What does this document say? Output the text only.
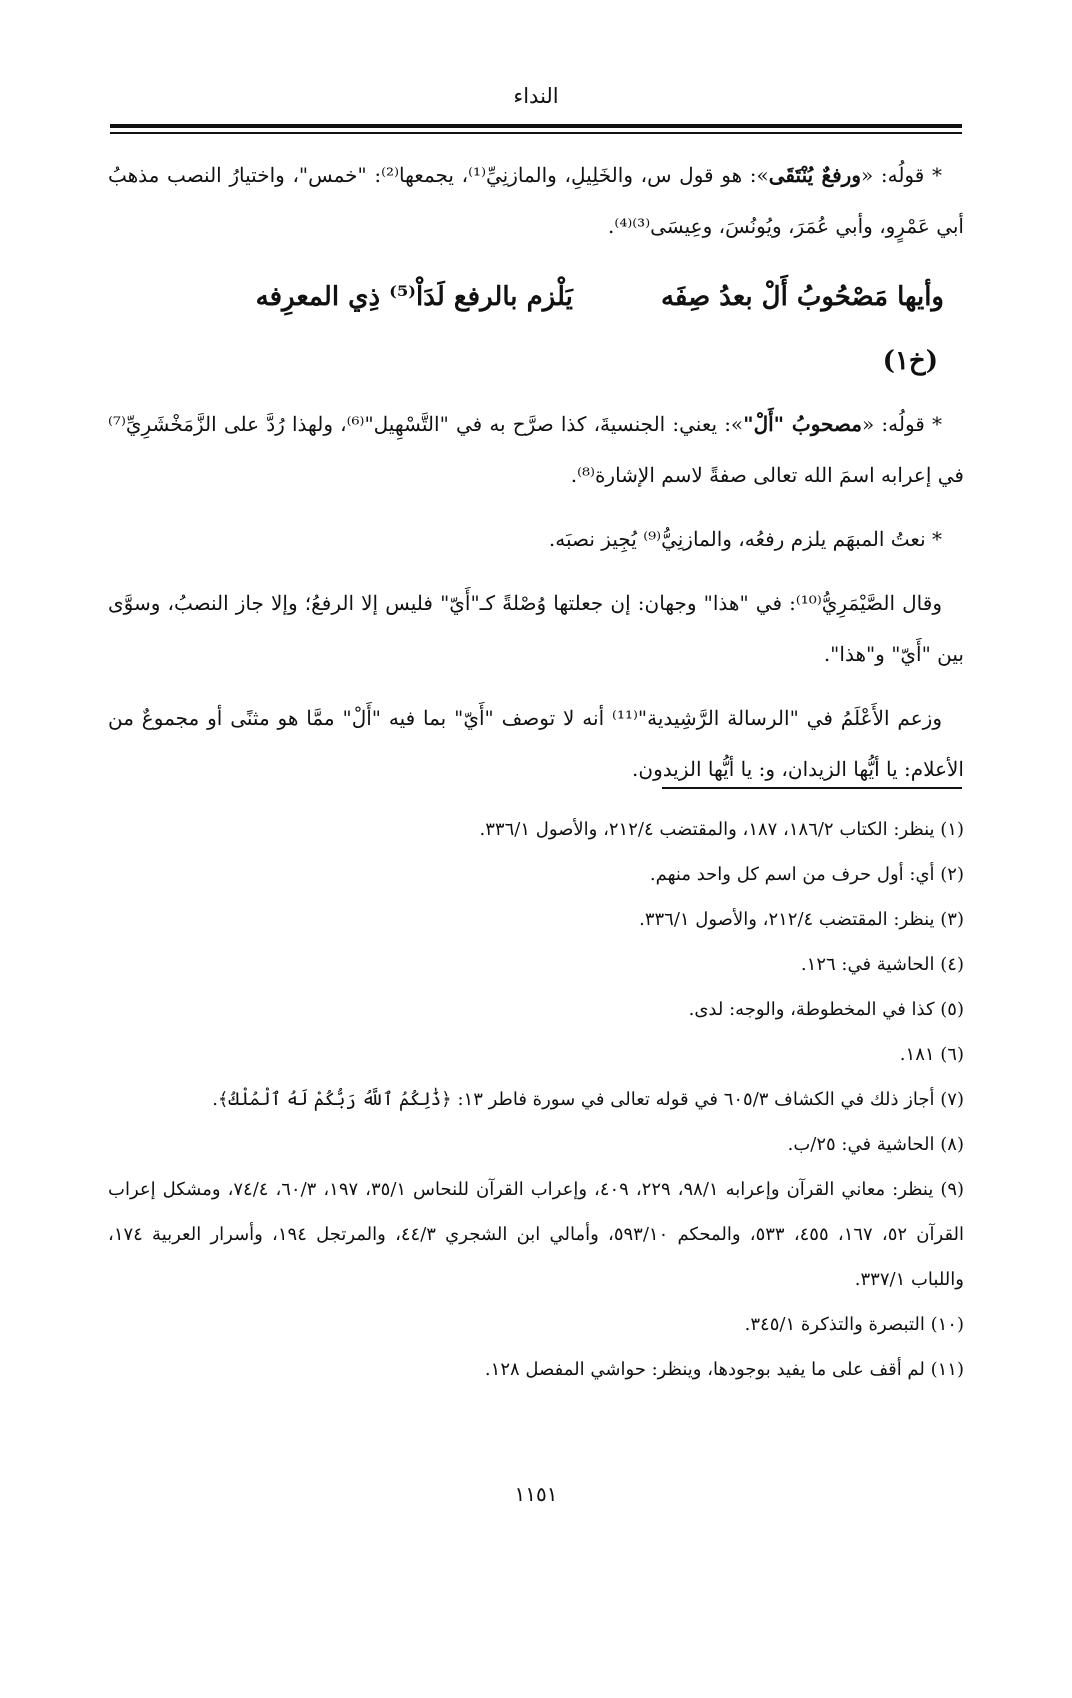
النداء

* قولُه: «ورفعٌ يُنْتَقَى»: هو قول س، والخَلِيلِ، والمازنِيِّ⁽¹⁾، يجمعها⁽²⁾: "خمس"، واختيارُ النصب مذهبُ أبي عَمْرٍو، وأبي عُمَرَ، ويُونُسَ، وعِيسَى⁽³⁾⁽⁴⁾.

وأيها مَصْحُوبُ أَلْ بعدُ صِفَه  يَلْزم بالرفع لَدَاْ⁽⁵⁾ ذِي المعرِفه
(خ١)

* قولُه: «مصحوبُ "أَلْ"»: يعني: الجنسيةَ، كذا صرَّح به في "التَّسْهِيل"⁽⁶⁾، ولهذا رُدَّ على الزَّمَخْشَرِيِّ⁽⁷⁾ في إعرابه اسمَ الله تعالى صفةً لاسم الإشارة⁽⁸⁾.

* نعتُ المبهَم يلزم رفعُه، والمازنِيُّ⁽⁹⁾ يُجِيز نصبَه.

وقال الصَّيْمَرِيُّ⁽¹⁰⁾: في "هذا" وجهان: إن جعلتها وُصْلةً كـ"أَيّ" فليس إلا الرفعُ؛ وإلا جاز النصبُ، وسوَّى بين "أَيّ" و"هذا".

وزعم الأَعْلَمُ في "الرسالة الرَّشِيدية"⁽¹¹⁾ أنه لا توصف "أَيّ" بما فيه "أَلْ" ممَّا هو مثنًى أو مجموعٌ من الأعلام: يا أيُّها الزيدان، و: يا أيُّها الزيدون.

(١) ينظر: الكتاب ١٨٦/٢، ١٨٧، والمقتضب ٢١٢/٤، والأصول ٣٣٦/١.

(٢) أي: أول حرف من اسم كل واحد منهم.

(٣) ينظر: المقتضب ٢١٢/٤، والأصول ٣٣٦/١.

(٤) الحاشية في: ١٢٦.

(٥) كذا في المخطوطة، والوجه: لدى.

(٦) ١٨١.

(٧) أجاز ذلك في الكشاف ٦٠٥/٣ في قوله تعالى في سورة فاطر ١٣: ﴿ذَٰلِكُمُ ٱللَّهُ رَبُّكُمْ لَهُ ٱلْمُلْكُ﴾.

(٨) الحاشية في: ٢٥/ب.

(٩) ينظر: معاني القرآن وإعرابه ٩٨/١، ٢٢٩، ٤٠٩، وإعراب القرآن للنحاس ٣٥/١، ١٩٧، ٦٠/٣، ٧٤/٤، ومشكل إعراب القرآن ٥٢، ١٦٧، ٤٥٥، ٥٣٣، والمحكم ٥٩٣/١٠، وأمالي ابن الشجري ٤٤/٣، والمرتجل ١٩٤، وأسرار العربية ١٧٤، واللباب ٣٣٧/١.

(١٠) التبصرة والتذكرة ٣٤٥/١.

(١١) لم أقف على ما يفيد بوجودها، وينظر: حواشي المفصل ١٢٨.

١١٥١
